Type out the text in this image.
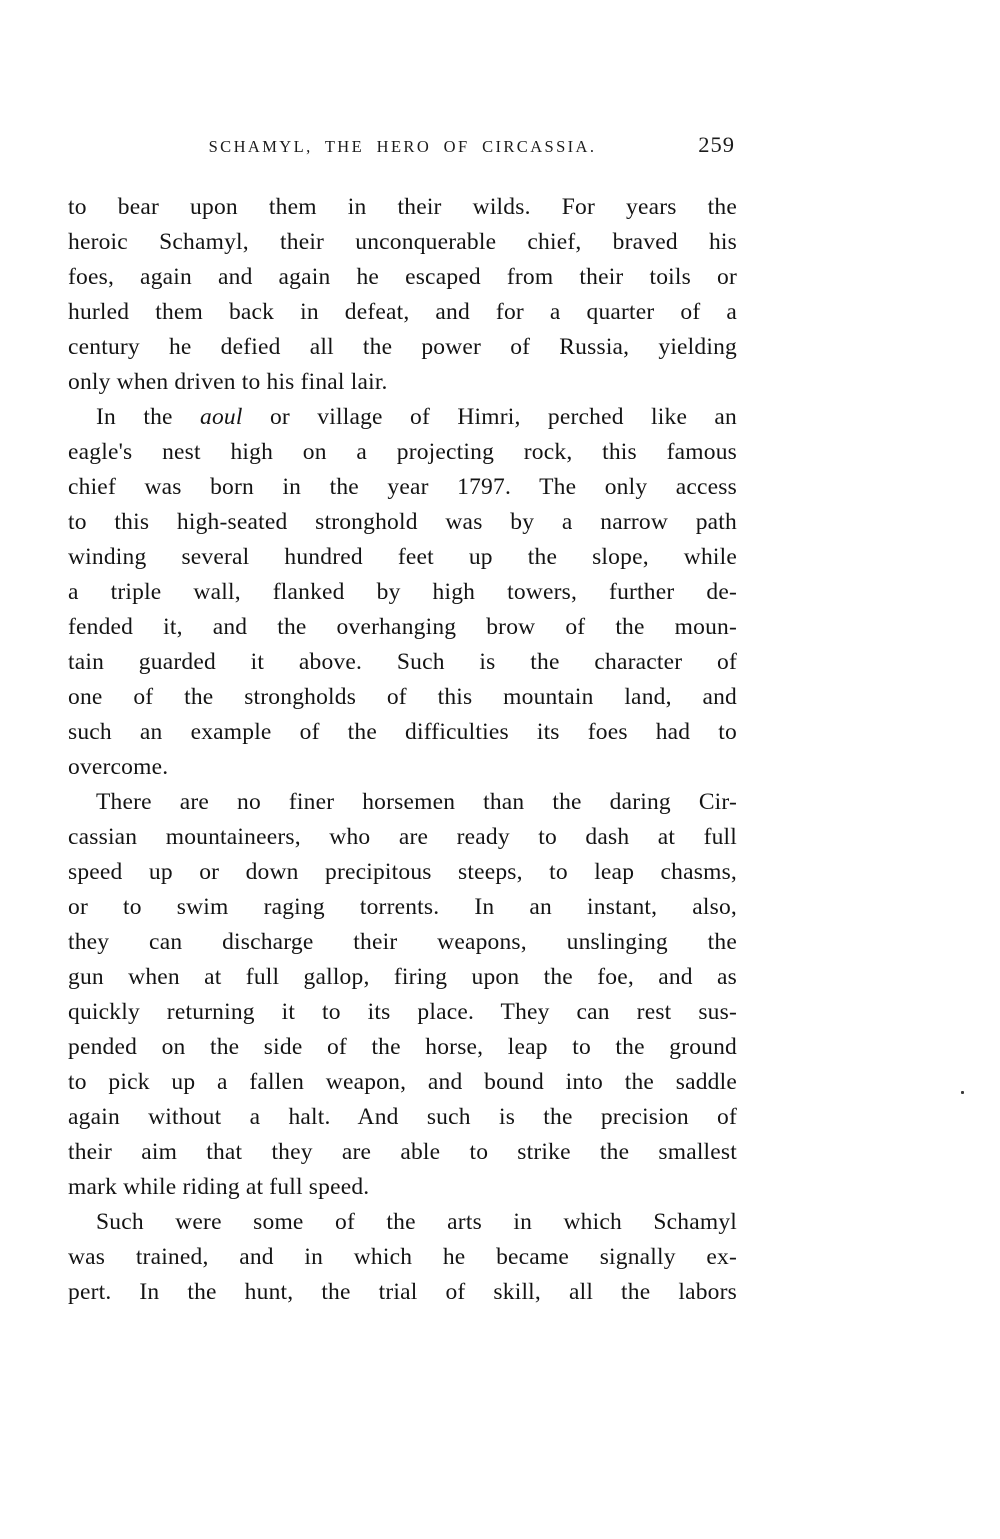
SCHAMYL, THE HERO OF CIRCASSIA.	259
to bear upon them in their wilds. For years the
heroic Schamyl, their unconquerable chief, braved his
foes, again and again he escaped from their toils or
hurled them back in defeat, and for a quarter of a
century he defied all the power of Russia, yielding
only when driven to his final lair.
In the aoul or village of Himri, perched like an
eagle's nest high on a projecting rock, this famous
chief was born in the year 1797. The only access
to this high-seated stronghold was by a narrow path
winding several hundred feet up the slope, while
a triple wall, flanked by high towers, further de-
fended it, and the overhanging brow of the moun-
tain guarded it above. Such is the character of
one of the strongholds of this mountain land, and
such an example of the difficulties its foes had to
overcome.
There are no finer horsemen than the daring Cir-
cassian mountaineers, who are ready to dash at full
speed up or down precipitous steeps, to leap chasms,
or to swim raging torrents. In an instant, also,
they can discharge their weapons, unslinging the
gun when at full gallop, firing upon the foe, and as
quickly returning it to its place. They can rest sus-
pended on the side of the horse, leap to the ground
to pick up a fallen weapon, and bound into the saddle
again without a halt. And such is the precision of
their aim that they are able to strike the smallest
mark while riding at full speed.
Such were some of the arts in which Schamyl
was trained, and in which he became signally ex-
pert. In the hunt, the trial of skill, all the labors
